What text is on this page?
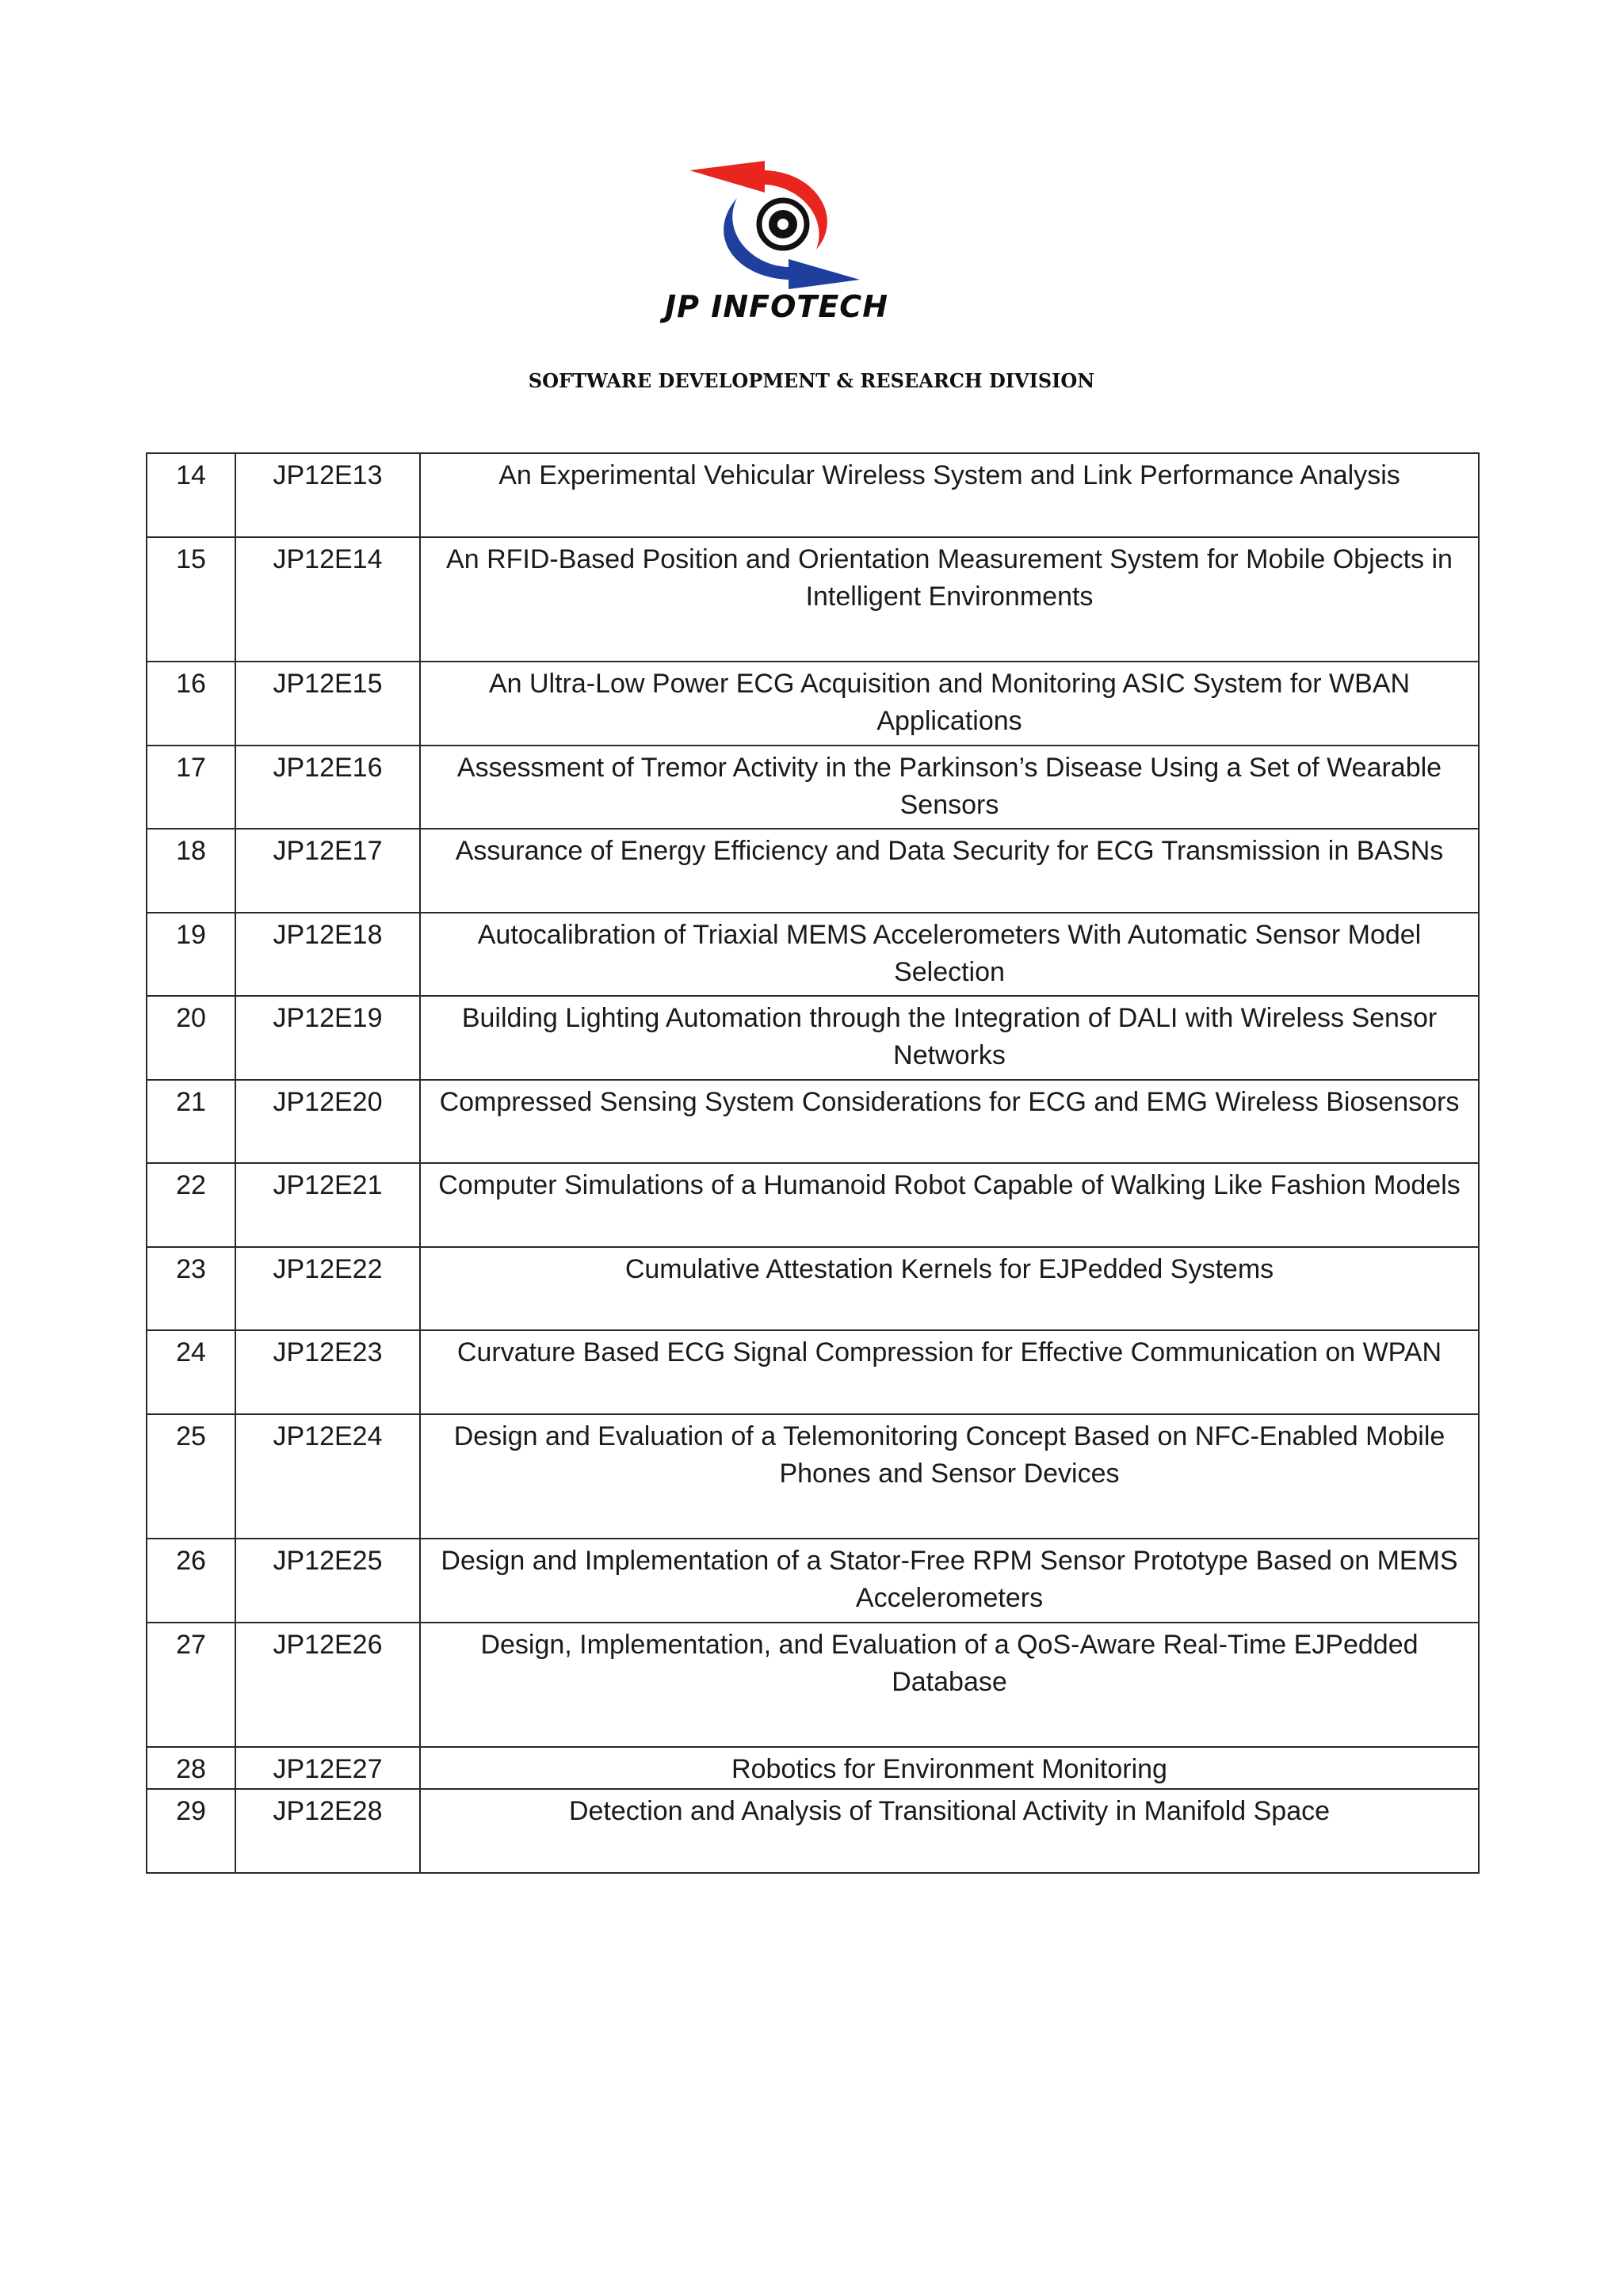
JP INFOTECH
SOFTWARE DEVELOPMENT & RESEARCH DIVISION
14	JP12E13	An Experimental Vehicular Wireless System and Link Performance Analysis
15	JP12E14	An RFID-Based Position and Orientation Measurement System for Mobile Objects in Intelligent Environments
16	JP12E15	An Ultra-Low Power ECG Acquisition and Monitoring ASIC System for WBAN Applications
17	JP12E16	Assessment of Tremor Activity in the Parkinson’s Disease Using a Set of Wearable Sensors
18	JP12E17	Assurance of Energy Efficiency and Data Security for ECG Transmission in BASNs
19	JP12E18	Autocalibration of Triaxial MEMS Accelerometers With Automatic Sensor Model Selection
20	JP12E19	Building Lighting Automation through the Integration of DALI with Wireless Sensor Networks
21	JP12E20	Compressed Sensing System Considerations for ECG and EMG Wireless Biosensors
22	JP12E21	Computer Simulations of a Humanoid Robot Capable of Walking Like Fashion Models
23	JP12E22	Cumulative Attestation Kernels for EJPedded Systems
24	JP12E23	Curvature Based ECG Signal Compression for Effective Communication on WPAN
25	JP12E24	Design and Evaluation of a Telemonitoring Concept Based on NFC-Enabled Mobile Phones and Sensor Devices
26	JP12E25	Design and Implementation of a Stator-Free RPM Sensor Prototype Based on MEMS Accelerometers
27	JP12E26	Design, Implementation, and Evaluation of a QoS-Aware Real-Time EJPedded Database
28	JP12E27	Robotics for Environment Monitoring
29	JP12E28	Detection and Analysis of Transitional Activity in Manifold Space
